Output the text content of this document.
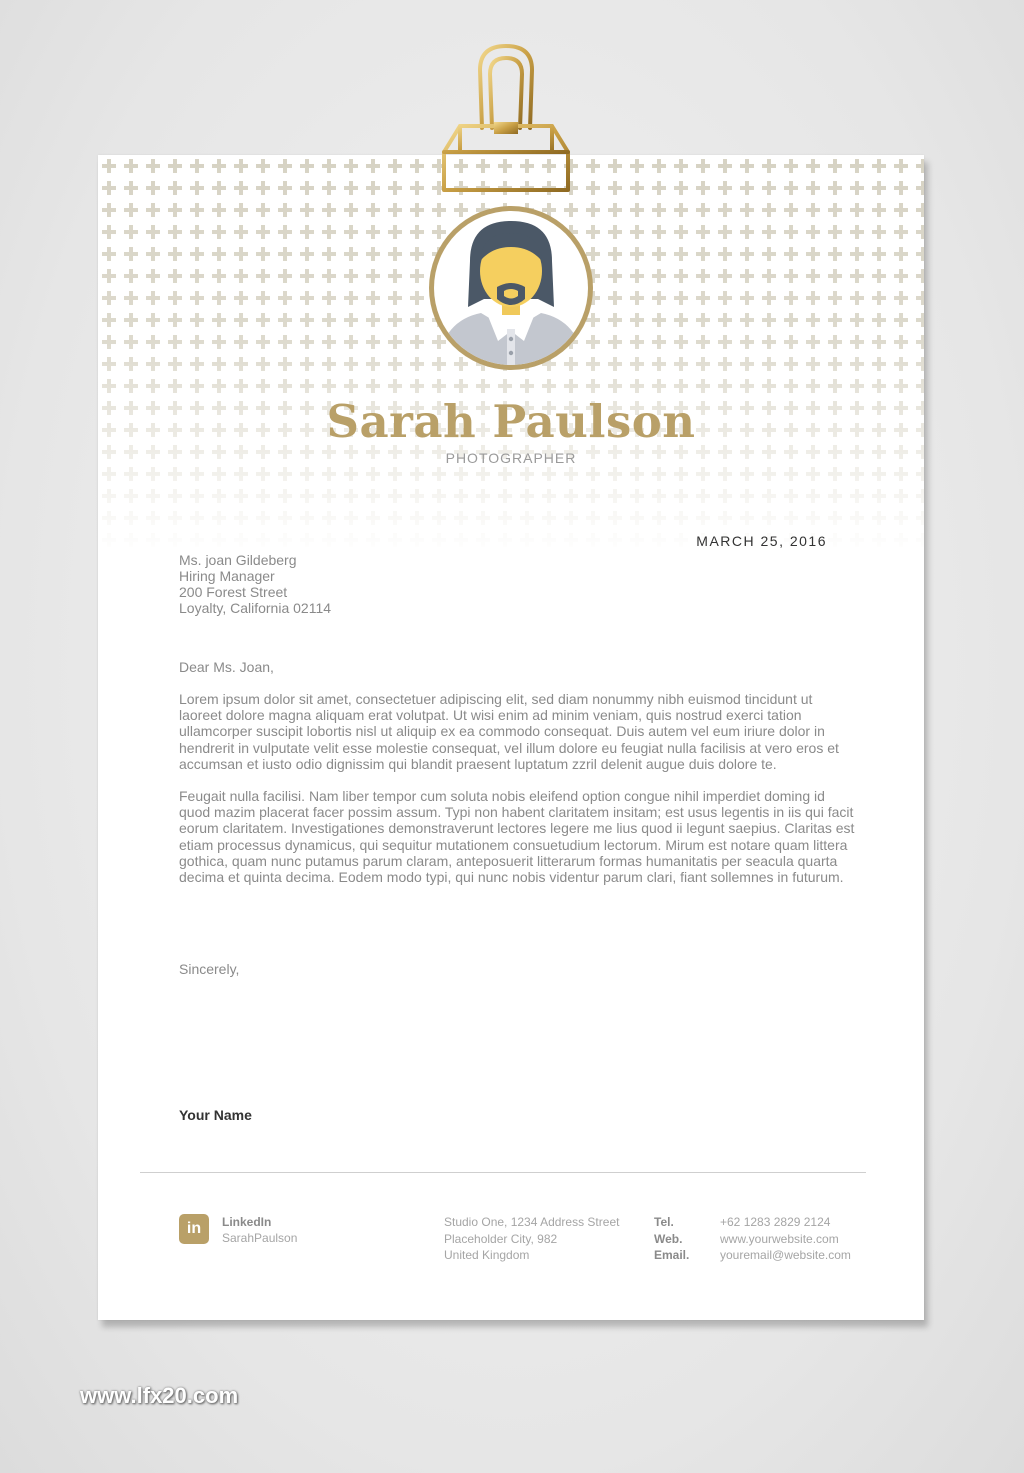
Sarah Paulson
PHOTOGRAPHER
MARCH 25, 2016
Ms. joan Gildeberg
Hiring Manager
200 Forest Street
Loyalty, California 02114
Dear Ms. Joan,
Lorem ipsum dolor sit amet, consectetuer adipiscing elit, sed diam nonummy nibh euismod tincidunt ut laoreet dolore magna aliquam erat volutpat. Ut wisi enim ad minim veniam, quis nostrud exerci tation ullamcorper suscipit lobortis nisl ut aliquip ex ea commodo consequat. Duis autem vel eum iriure dolor in hendrerit in vulputate velit esse molestie consequat, vel illum dolore eu feugiat nulla facilisis at vero eros et accumsan et iusto odio dignissim qui blandit praesent luptatum zzril delenit augue duis dolore te.
Feugait nulla facilisi. Nam liber tempor cum soluta nobis eleifend option congue nihil imperdiet doming id quod mazim placerat facer possim assum. Typi non habent claritatem insitam; est usus legentis in iis qui facit eorum claritatem. Investigationes demonstraverunt lectores legere me lius quod ii legunt saepius. Claritas est etiam processus dynamicus, qui sequitur mutationem consuetudium lectorum. Mirum est notare quam littera gothica, quam nunc putamus parum claram, anteposuerit litterarum formas humanitatis per seacula quarta decima et quinta decima. Eodem modo typi, qui nunc nobis videntur parum clari, fiant sollemnes in futurum.
Sincerely,
Your Name
in	LinkedIn
SarahPaulson
Studio One, 1234 Address Street
Placeholder City, 982
United Kingdom
Tel.
Web.
Email.
+62 1283 2829 2124
www.yourwebsite.com
youremail@website.com
www.lfx20.com
